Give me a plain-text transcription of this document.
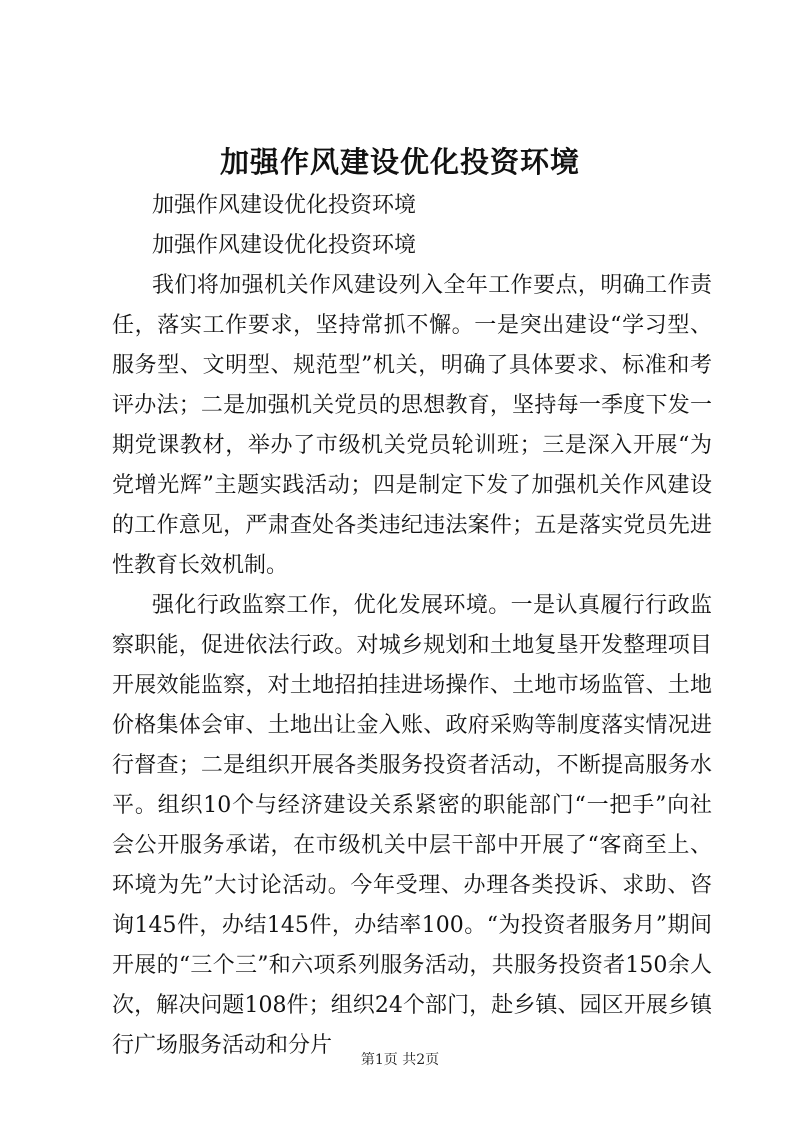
加强作风建设优化投资环境

加强作风建设优化投资环境

加强作风建设优化投资环境

我们将加强机关作风建设列入全年工作要点，明确工作责任，落实工作要求，坚持常抓不懈。一是突出建设“学习型、服务型、文明型、规范型”机关，明确了具体要求、标准和考评办法；二是加强机关党员的思想教育，坚持每一季度下发一期党课教材，举办了市级机关党员轮训班；三是深入开展“为党增光辉”主题实践活动；四是制定下发了加强机关作风建设的工作意见，严肃查处各类违纪违法案件；五是落实党员先进性教育长效机制。

强化行政监察工作，优化发展环境。一是认真履行行政监察职能，促进依法行政。对城乡规划和土地复垦开发整理项目开展效能监察，对土地招拍挂进场操作、土地市场监管、土地价格集体会审、土地出让金入账、政府采购等制度落实情况进行督查；二是组织开展各类服务投资者活动，不断提高服务水平。组织10个与经济建设关系紧密的职能部门“一把手”向社会公开服务承诺，在市级机关中层干部中开展了“客商至上、环境为先”大讨论活动。今年受理、办理各类投诉、求助、咨询145件，办结145件，办结率100。“为投资者服务月”期间开展的“三个三”和六项系列服务活动，共服务投资者150余人次，解决问题108件；组织24个部门，赴乡镇、园区开展乡镇行广场服务活动和分片

第1页 共2页
